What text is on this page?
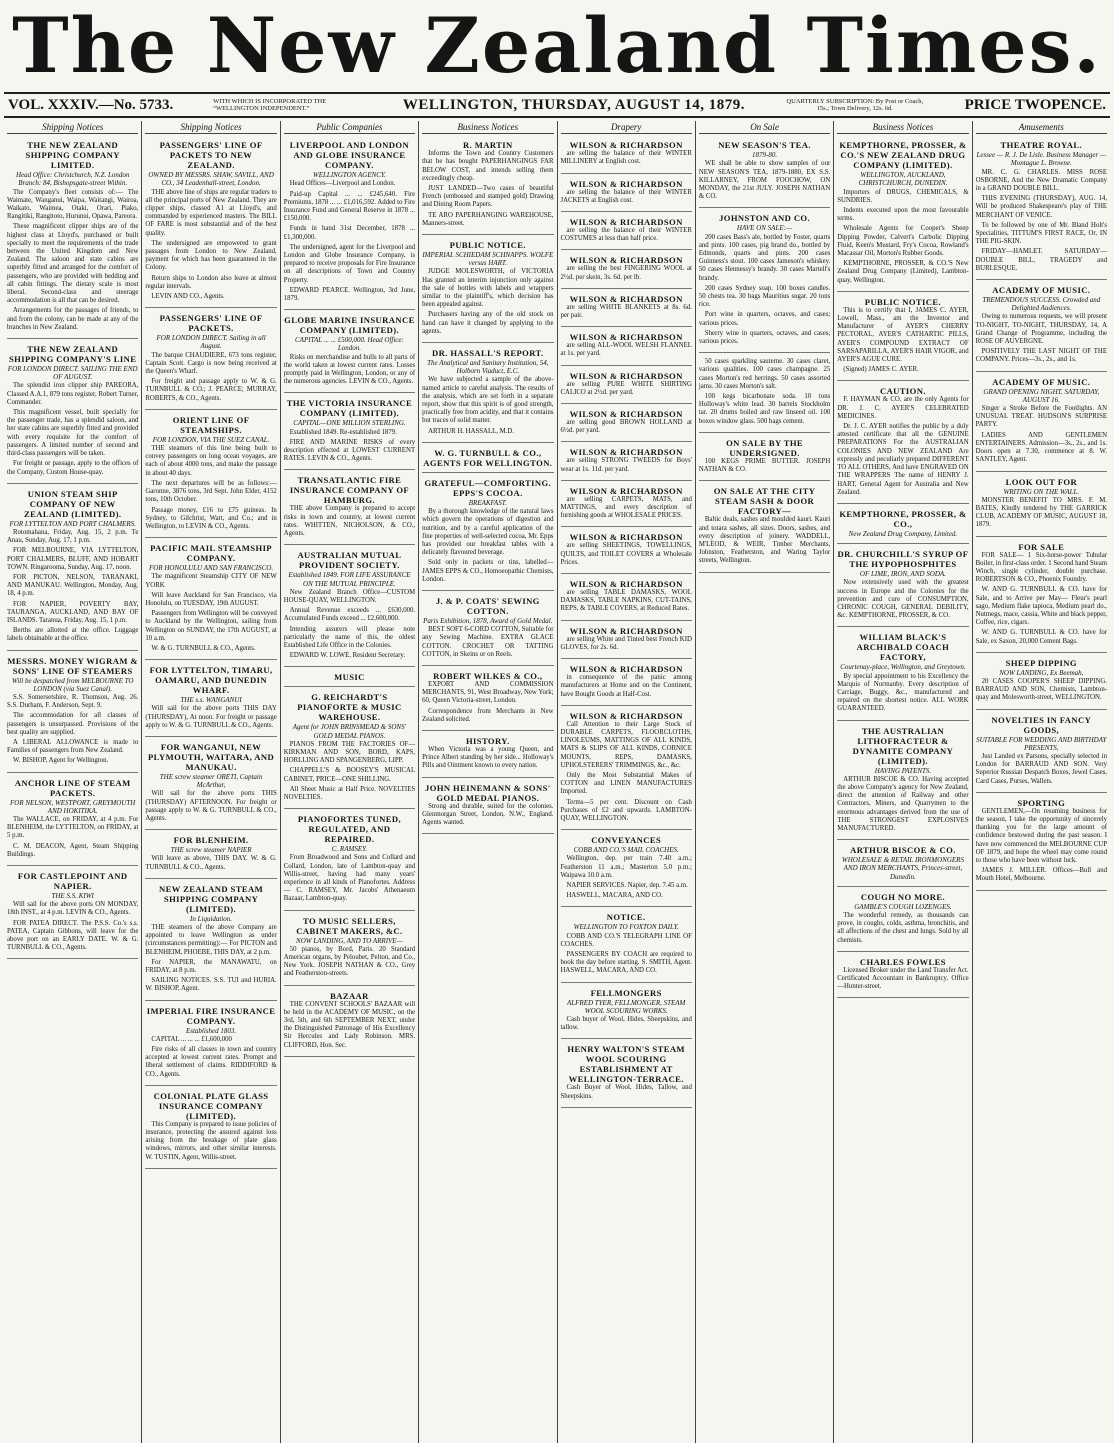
The New Zealand Times.
VOL. XXXIV.—No. 5733.	WITH WHICH IS INCORPORATED THE “WELLINGTON INDEPENDENT.”	WELLINGTON, THURSDAY, AUGUST 14, 1879.	QUARTERLY SUBSCRIPTION: By Post or Coach, 15s.; Town Delivery, 12s. 6d.	PRICE TWOPENCE.
Shipping Notices
THE NEW ZEALAND SHIPPING COMPANY LIMITED.
Head Office: Christchurch, N.Z. London Branch: 84, Bishopsgate-street Within.

The Company's fleet consists of:— The Waimate, Wanganui, Waipa, Waitangi, Wairoa, Waikato, Waimea, Otaki, Orari, Piako, Rangitiki, Rangitoto, Hurunui, Opawa, Pareora.

These magnificent clipper ships are of the highest class at Lloyd's, purchased or built specially to meet the requirements of the trade between the United Kingdom and New Zealand. The saloon and state cabins are superbly fitted and arranged for the comfort of passengers, who are provided with bedding and all cabin fittings. The dietary scale is most liberal. Second-class and steerage accommodation is all that can be desired.

Arrangements for the passages of friends, to and from the colony, can be made at any of the branches in New Zealand.

THE NEW ZEALAND SHIPPING COMPANY'S LINE
FOR LONDON DIRECT. SAILING THE END OF AUGUST.

The splendid iron clipper ship PAREORA, Classed A.A.1, 879 tons register, Robert Turner, Commander.

This magnificent vessel, built specially for the passenger trade, has a splendid saloon, and her state cabins are superbly fitted and provided with every requisite for the comfort of passengers. A limited number of second and third-class passengers will be taken.

For freight or passage, apply to the offices of the Company, Custom House-quay.

UNION STEAM SHIP COMPANY OF NEW ZEALAND (LIMITED).
FOR LYTTELTON AND PORT CHALMERS.

Rotomahana, Friday, Aug. 15, 2 p.m. Te Anau, Sunday, Aug. 17, 1 p.m.

FOR MELBOURNE, VIA LYTTELTON, PORT CHALMERS, BLUFF, AND HOBART TOWN. Ringarooma, Sunday, Aug. 17, noon.

FOR PICTON, NELSON, TARANAKI, AND MANUKAU. Wellington, Monday, Aug. 18, 4 p.m.

FOR NAPIER, POVERTY BAY, TAURANGA, AUCKLAND, AND BAY OF ISLANDS. Taranua, Friday, Aug. 15, 1 p.m.

Berths are allotted at the office. Luggage labels obtainable at the office.

MESSRS. MONEY WIGRAM & SONS' LINE OF STEAMERS
Will be despatched from MELBOURNE TO LONDON (via Suez Canal).

S.S. Somersetshire, R. Thomson, Aug. 26. S.S. Durham, F. Anderson, Sept. 9.

The accommodation for all classes of passengers is unsurpassed. Provisions of the best quality are supplied.

A LIBERAL ALLOWANCE is made to Families of passengers from New Zealand.

W. BISHOP, Agent for Wellington.

ANCHOR LINE OF STEAM PACKETS.
FOR NELSON, WESTPORT, GREYMOUTH AND HOKITIKA.

The WALLACE, on FRIDAY, at 4 p.m. For BLENHEIM, the LYTTELTON, on FRIDAY, at 5 p.m.

C. M. DEACON, Agent, Steam Shipping Buildings.

FOR CASTLEPOINT AND NAPIER.
THE S.S. KIWI

Will sail for the above ports ON MONDAY, 18th INST., at 4 p.m. LEVIN & CO., Agents.

FOR PATEA DIRECT. The P.S.S. Co.'s s.s. PATEA, Captain Gibbons, will leave for the above port on an EARLY DATE. W. & G. TURNBULL & CO., Agents.

Shipping Notices
PASSENGERS' LINE OF PACKETS TO NEW ZEALAND.
OWNED BY MESSRS. SHAW, SAVILL, AND CO., 34 Leadenhall-street, London.

THE above line of ships are regular traders to all the principal ports of New Zealand. They are clipper ships, classed A1 at Lloyd's, and commanded by experienced masters. The BILL OF FARE is most substantial and of the best quality.

The undersigned are empowered to grant passages from London to New Zealand, payment for which has been guaranteed in the Colony.

Return ships to London also leave at almost regular intervals.

LEVIN AND CO., Agents.

PASSENGERS' LINE OF PACKETS.
FOR LONDON DIRECT. Sailing in all August.

The barque CHAUDIERE, 673 tons register, Captain Scott. Cargo is now being received at the Queen's Wharf.

For freight and passage apply to W. & G. TURNBULL & CO.; J. PEARCE; MURRAY, ROBERTS, & CO., Agents.

ORIENT LINE OF STEAMSHIPS.
FOR LONDON, VIA THE SUEZ CANAL.

THE steamers of this line being built to convey passengers on long ocean voyages, are each of about 4000 tons, and make the passage in about 40 days.

The next departures will be as follows:— Garonne, 3876 tons, 3rd Sept. John Elder, 4152 tons, 10th October.

Passage money, £16 to £75 guineas. In Sydney, to Gilchrist, Watt, and Co.; and in Wellington, to LEVIN & CO., Agents.

PACIFIC MAIL STEAMSHIP COMPANY.
FOR HONOLULU AND SAN FRANCISCO.

The magnificent Steamship CITY OF NEW YORK

Will leave Auckland for San Francisco, via Honolulu, on TUESDAY, 19th AUGUST.

Passengers from Wellington will be conveyed to Auckland by the Wellington, sailing from Wellington on SUNDAY, the 17th AUGUST, at 10 a.m.

W. & G. TURNBULL & CO., Agents.

FOR LYTTELTON, TIMARU, OAMARU, AND DUNEDIN WHARF.
THE s.s. WANGANUI

Will sail for the above ports THIS DAY (THURSDAY), At noon. For freight or passage apply to W. & G. TURNBULL & CO., Agents.

FOR WANGANUI, NEW PLYMOUTH, WAITARA, AND MANUKAU.
THE screw steamer ORETI, Captain McArthur,

Will sail for the above ports THIS (THURSDAY) AFTERNOON. For freight or passage apply to W. & G. TURNBULL & CO., Agents.

FOR BLENHEIM.
THE screw steamer NAPIER

Will leave as above, THIS DAY. W. & G. TURNBULL & CO., Agents.

NEW ZEALAND STEAM SHIPPING COMPANY (LIMITED).
In Liquidation.

THE steamers of the above Company are appointed to leave Wellington as under (circumstances permitting):— For PICTON and BLENHEIM, PHOEBE, THIS DAY, at 2 p.m.

For NAPIER, the MANAWATU, on FRIDAY, at 8 p.m.

SAILING NOTICES. S.S. TUI and HURIA. W. BISHOP, Agent.

IMPERIAL FIRE INSURANCE COMPANY.
Established 1803.

CAPITAL ... ... ... £1,600,000

Fire risks of all classes in town and country accepted at lowest current rates. Prompt and liberal settlement of claims. RIDDIFORD & CO., Agents.

COLONIAL PLATE GLASS INSURANCE COMPANY (LIMITED).

This Company is prepared to issue policies of insurance, protecting the assured against loss arising from the breakage of plate glass windows, mirrors, and other similar interests. W. TUSTIN, Agent, Willis-street.

Public Companies
LIVERPOOL AND LONDON AND GLOBE INSURANCE COMPANY.
WELLINGTON AGENCY.

Head Offices—Liverpool and London.

Paid-up Capital ... ... £245,640. Fire Premiums, 1878 ... ... £1,016,592. Added to Fire Insurance Fund and General Reserve in 1878 ... £150,000.

Funds in hand 31st December, 1878 ... £1,300,000.

The undersigned, agent for the Liverpool and London and Globe Insurance Company, is prepared to receive proposals for Fire Insurance on all descriptions of Town and Country Property.

EDWARD PEARCE. Wellington, 3rd June, 1879.

GLOBE MARINE INSURANCE COMPANY (LIMITED).
CAPITAL ... ... £500,000. Head Office: London.

Risks on merchandise and hulls to all parts of the world taken at lowest current rates. Losses promptly paid in Wellington, London, or any of the numerous agencies. LEVIN & CO., Agents.

THE VICTORIA INSURANCE COMPANY (LIMITED).
CAPITAL—ONE MILLION STERLING.

Established 1849. Re-established 1879.

FIRE AND MARINE RISKS of every description effected at LOWEST CURRENT RATES. LEVIN & CO., Agents.

TRANSATLANTIC FIRE INSURANCE COMPANY OF HAMBURG.

THE above Company is prepared to accept risks in town and country, at lowest current rates. WHITTEN, NICHOLSON, & CO., Agents.

AUSTRALIAN MUTUAL PROVIDENT SOCIETY.
Established 1849. FOR LIFE ASSURANCE ON THE MUTUAL PRINCIPLE.

New Zealand Branch Office—CUSTOM HOUSE-QUAY, WELLINGTON.

Annual Revenue exceeds ... £630,000. Accumulated Funds exceed ... £2,600,000.

Intending assurers will please note particularly the name of this, the oldest Established Life Office in the Colonies.

EDWARD W. LOWE, Resident Secretary.

MUSIC
G. REICHARDT'S PIANOFORTE & MUSIC WAREHOUSE.
Agent for JOHN BRINSMEAD & SONS' GOLD MEDAL PIANOS.

PIANOS FROM THE FACTORIES OF— KIRKMAN AND SON, BORD, KAPS, HORLLING AND SPANGENBERG, LIPP.

CHAPPELL'S & BOOSEY'S MUSICAL CABINET, PRICE—ONE SHILLING.

All Sheet Music at Half Price. NOVELTIES NOVELTIES.

PIANOFORTES TUNED, REGULATED, AND REPAIRED.
C. RAMSEY.

From Broadwood and Sons and Collard and Collard, London, late of Lambton-quay and Willis-street, having had many years' experience in all kinds of Pianofortes. Address— C. RAMSEY, Mr. Jacobs' Athenaeum Bazaar, Lambton-quay.

TO MUSIC SELLERS, CABINET MAKERS, &C.
NOW LANDING, AND TO ARRIVE—

50 pianos, by Bord, Paris. 20 Standard American organs, by Peloubet, Pelton, and Co., New York. JOSEPH NATHAN & CO., Grey and Featherston-streets.

BAZAAR

THE CONVENT SCHOOLS' BAZAAR will be held in the ACADEMY OF MUSIC, on the 3rd, 5th, and 6th SEPTEMBER NEXT, under the Distinguished Patronage of His Excellency Sir Hercules and Lady Robinson. MRS. CLIFFORD, Hon. Sec.

Business Notices
R. MARTIN

Informs the Town and Country Customers that he has bought PAPERHANGINGS FAR BELOW COST, and intends selling them exceedingly cheap.

JUST LANDED—Two cases of beautiful French (embossed and stamped gold) Drawing and Dining Room Papers.

TE ARO PAPERHANGING WAREHOUSE, Manners-street.

PUBLIC NOTICE.
IMPERIAL SCHIEDAM SCHNAPPS. WOLFE versus HART.

JUDGE MOLESWORTH, of VICTORIA Has granted an interim injunction only against the sale of bottles with labels and wrappers similar to the plaintiff's, which decision has been appealed against.

Purchasers having any of the old stock on hand can have it changed by applying to the agents.

DR. HASSALL'S REPORT.
The Analytical and Sanitary Institution, 54, Holborn Viaduct, E.C.

We have subjected a sample of the above-named article to careful analysis. The results of the analysis, which are set forth in a separate report, show that this spirit is of good strength, practically free from acidity, and that it contains but traces of solid matter.

ARTHUR H. HASSALL, M.D.

W. G. TURNBULL & CO., AGENTS FOR WELLINGTON.
GRATEFUL—COMFORTING. EPPS'S COCOA.
BREAKFAST.

By a thorough knowledge of the natural laws which govern the operations of digestion and nutrition, and by a careful application of the fine properties of well-selected cocoa, Mr. Epps has provided our breakfast tables with a delicately flavoured beverage.

Sold only in packets or tins, labelled— JAMES EPPS & CO., Homoeopathic Chemists, London.

J. & P. COATS' SEWING COTTON.
Paris Exhibition, 1878, Award of Gold Medal.

BEST SOFT 6-CORD COTTON, Suitable for any Sewing Machine. EXTRA GLACE COTTON. CROCHET OR TATTING COTTON, in Skeins or on Reels.

ROBERT WILKES & CO.,

EXPORT AND COMMISSION MERCHANTS, 91, West Broadway, New York; 60, Queen Victoria-street, London.

Correspondence from Merchants in New Zealand solicited.

HISTORY.

When Victoria was a young Queen, and Prince Albert standing by her side... Holloway's Pills and Ointment known to every nation.

JOHN HEINEMANN & SONS' GOLD MEDAL PIANOS.

Strong and durable, suited for the colonies. Glenmorgan Street, London, N.W., England. Agents wanted.

Drapery
WILSON & RICHARDSON

are selling the balance of their WINTER MILLINERY at English cost.

WILSON & RICHARDSON

are selling the balance of their WINTER JACKETS at English cost.

WILSON & RICHARDSON

are selling the balance of their WINTER COSTUMES at less than half price.

WILSON & RICHARDSON

are selling the best FINGERING WOOL at 2½d. per skein, 3s. 6d. per lb.

WILSON & RICHARDSON

are selling WHITE BLANKETS at 8s. 6d. per pair.

WILSON & RICHARDSON

are selling ALL-WOOL WELSH FLANNEL at 1s. per yard.

WILSON & RICHARDSON

are selling PURE WHITE SHIRTING CALICO at 2½d. per yard.

WILSON & RICHARDSON

are selling good BROWN HOLLAND at 6½d. per yard.

WILSON & RICHARDSON

are selling STRONG TWEEDS for Boys' wear at 1s. 11d. per yard.

WILSON & RICHARDSON

are selling CARPETS, MATS, and MATTINGS, and every description of furnishing goods at WHOLESALE PRICES.

WILSON & RICHARDSON

are selling SHEETINGS, TOWELLINGS, QUILTS, and TOILET COVERS at Wholesale Prices.

WILSON & RICHARDSON

are selling TABLE DAMASKS, WOOL DAMASKS, TABLE NAPKINS, CUT-TAINS, REPS, & TABLE COVERS, at Reduced Rates.

WILSON & RICHARDSON

are selling White and Tinted best French KID GLOVES, for 2s. 6d.

WILSON & RICHARDSON

in consequence of the panic among manufacturers at Home and on the Continent, have Bought Goods at Half-Cost.

WILSON & RICHARDSON

Call Attention to their Large Stock of DURABLE CARPETS, FLOORCLOTHS, LINOLEUMS, MATTINGS OF ALL KINDS, MATS & SLIPS OF ALL KINDS, CORNICE MOUNTS, REPS, DAMASKS, UPHOLSTERERS' TRIMMINGS, &c., &c.

Only the Most Substantial Makes of COTTON and LINEN MANUFACTURES Imported.

Terms—5 per cent. Discount on Cash Purchases of £2 and upwards. LAMBTON-QUAY, WELLINGTON.

CONVEYANCES
COBB AND CO.'S MAIL COACHES.

Wellington, dep. per train 7.40 a.m.; Featherston 11 a.m.; Masterton 5.0 p.m.; Waipawa 10.0 a.m.

NAPIER SERVICES. Napier, dep. 7.45 a.m.

HASWELL, MACARA, AND CO.

NOTICE.
WELLINGTON TO FOXTON DAILY.

COBB AND CO.'S TELEGRAPH LINE OF COACHES.

PASSENGERS BY COACH are required to book the day before starting. S. SMITH, Agent. HASWELL, MACARA, AND CO.

FELLMONGERS
ALFRED TYER, FELLMONGER, STEAM WOOL SCOURING WORKS.

Cash buyer of Wool, Hides, Sheepskins, and tallow.

HENRY WALTON'S STEAM WOOL SCOURING ESTABLISHMENT AT WELLINGTON-TERRACE.

Cash Buyer of Wool, Hides, Tallow, and Sheepskins.

On Sale
NEW SEASON'S TEA.
1879-80.

WE shall be able to show samples of our NEW SEASON'S TEA, 1879-1880, EX S.S. KILLARNEY, FROM FOOCHOW, ON MONDAY, the 21st JULY. JOSEPH NATHAN & CO.

JOHNSTON AND CO.
HAVE ON SALE:—

200 cases Bass's ale, bottled by Foster, quarts and pints. 100 cases, pig brand do., bottled by Edmonds, quarts and pints. 200 cases Guinness's stout. 100 cases Jameson's whiskey. 50 cases Hennessy's brandy. 30 cases Martell's brandy.

200 cases Sydney soap. 100 boxes candles. 50 chests tea. 30 bags Mauritius sugar. 20 tons rice.

Port wine in quarters, octaves, and cases; various prices.

Sherry wine in quarters, octaves, and cases; various prices.

50 cases sparkling sauterne. 30 cases claret, various qualities. 100 cases champagne. 25 cases Morton's red herrings. 50 cases assorted jams. 30 cases Morton's salt.

100 kegs bicarbonate soda. 10 tons Holloway's white lead. 30 barrels Stockholm tar. 20 drums boiled and raw linseed oil. 100 boxes window glass. 500 bags cement.

ON SALE BY THE UNDERSIGNED.

100 KEGS PRIME BUTTER. JOSEPH NATHAN & CO.

ON SALE AT THE CITY STEAM SASH & DOOR FACTORY—

Baltic deals, sashes and moulded kauri. Kauri and totara sashes, all sizes. Doors, sashes, and every description of joinery. WADDELL, M'LEOD, & WEIR, Timber Merchants, Johnston, Featherston, and Waring Taylor streets, Wellington.

Business Notices
KEMPTHORNE, PROSSER, & CO.'S NEW ZEALAND DRUG COMPANY (LIMITED).
WELLINGTON, AUCKLAND, CHRISTCHURCH, DUNEDIN.

Importers of DRUGS, CHEMICALS, & SUNDRIES.

Indents executed upon the most favourable terms.

Wholesale Agents for Cooper's Sheep Dipping Powder, Calvert's Carbolic Dipping Fluid, Keen's Mustard, Fry's Cocoa, Rowland's Macassar Oil, Morton's Rubber Goods.

KEMPTHORNE, PROSSER, & CO.'S New Zealand Drug Company (Limited), Lambton-quay, Wellington.

PUBLIC NOTICE.

This is to certify that I, JAMES C. AYER, Lowell, Mass., am the Inventor and Manufacturer of AYER'S CHERRY PECTORAL, AYER'S CATHARTIC PILLS, AYER'S COMPOUND EXTRACT OF SARSAPARILLA, AYER'S HAIR VIGOR, and AYER'S AGUE CURE.

(Signed) JAMES C. AYER.

CAUTION.

F. HAYMAN & CO. are the only Agents for DR. J. C. AYER'S CELEBRATED MEDICINES.

Dr. J. C. AYER notifies the public by a duly attested certificate that all the GENUINE PREPARATIONS For the AUSTRALIAN COLONIES AND NEW ZEALAND Are expressly and peculiarly prepared DIFFERENT TO ALL OTHERS, And have ENGRAVED ON THE WRAPPERS The name of HENRY J. HART, General Agent for Australia and New Zealand.

KEMPTHORNE, PROSSER, & CO.,
New Zealand Drug Company, Limited.
DR. CHURCHILL'S SYRUP OF THE HYPOPHOSPHITES
OF LIME, IRON, AND SODA.

Now extensively used with the greatest success in Europe and the Colonies for the prevention and cure of CONSUMPTION, CHRONIC COUGH, GENERAL DEBILITY, &c. KEMPTHORNE, PROSSER, & CO.

WILLIAM BLACK'S ARCHIBALD COACH FACTORY,
Courtenay-place, Wellington, and Greytown.

By special appointment to his Excellency the Marquis of Normanby. Every description of Carriage, Buggy, &c., manufactured and repaired on the shortest notice. ALL WORK GUARANTEED.

THE AUSTRALIAN LITHOFRACTEUR & DYNAMITE COMPANY (LIMITED).
HAVING PATENTS.

ARTHUR BISCOE & CO. Having accepted the above Company's agency for New Zealand, direct the attention of Railway and other Contractors, Miners, and Quarrymen to the enormous advantages derived from the use of THE STRONGEST EXPLOSIVES MANUFACTURED.

ARTHUR BISCOE & CO.
WHOLESALE & RETAIL IRONMONGERS AND IRON MERCHANTS, Princes-street, Dunedin.
COUGH NO MORE.
GAMBLE'S COUGH LOZENGES.

The wonderful remedy, as thousands can prove, in coughs, colds, asthma, bronchitis, and all affections of the chest and lungs. Sold by all chemists.

CHARLES FOWLES

Licensed Broker under the Land Transfer Act. Certificated Accountant in Bankruptcy. Office—Hunter-street.

Amusements
THEATRE ROYAL.
Lessee — R. J. De Lisle. Business Manager — Montague L. Browne.

MR. C. G. CHARLES. MISS ROSE OSBORNE, And the New Dramatic Company in a GRAND DOUBLE BILL.

THIS EVENING (THURSDAY), AUG. 14, Will be produced Shakespeare's play of THE MERCHANT OF VENICE.

To be followed by one of Mr. Bland Holt's Specialities, TITTUM'S FIRST RACE, Or, IN THE PIG-SKIN.

FRIDAY—HAMLET. SATURDAY—DOUBLE BILL, TRAGEDY and BURLESQUE.

ACADEMY OF MUSIC.
TREMENDOUS SUCCESS. Crowded and Delighted Audiences.

Owing to numerous requests, we will present TO-NIGHT, TO-NIGHT, THURSDAY, 14, A Grand Change of Programme, including the ROSE OF AUVERGNE.

POSITIVELY THE LAST NIGHT OF THE COMPANY. Prices—3s., 2s., and 1s.

ACADEMY OF MUSIC.
GRAND OPENING NIGHT. SATURDAY, AUGUST 16.

Singer a Stroke Before the Footlights. AN UNUSUAL TREAT. HUDSON'S SURPRISE PARTY.

LADIES AND GENTLEMEN ENTERTAINERS. Admission—3s., 2s., and 1s. Doors open at 7.30, commence at 8. W. SANTLEY, Agent.

LOOK OUT FOR
WRITING ON THE WALL.

MONSTER BENEFIT TO MRS. F. M. BATES, Kindly tendered by THE GARRICK CLUB, ACADEMY OF MUSIC, AUGUST 18, 1879.

FOR SALE

FOR SALE— 1 Six-horse-power Tubular Boiler, in first-class order. 1 Second hand Steam Winch, single cylinder, double purchase. ROBERTSON & CO., Phoenix Foundry.

W. AND G. TURNBULL & CO. have for Sale, and to Arrive per May— Fleur's pearl sago, Medium flake tapioca, Medium pearl do., Nutmegs, mace, cassia, White and black pepper, Coffee, rice, cigars.

W. AND G. TURNBULL & CO. have for Sale, ex Saxon, 20,000 Cement Bags.

SHEEP DIPPING
NOW LANDING, Ex Beemah,

20 CASES COOPER'S SHEEP DIPPING. BARRAUD AND SON, Chemists, Lambton-quay and Molesworth-street, WELLINGTON.

NOVELTIES IN FANCY GOODS,
SUITABLE FOR WEDDING AND BIRTHDAY PRESENTS,

Just Landed ex Parsons, specially selected in London for BARRAUD AND SON. Very Superior Russian Despatch Boxes, Jewel Cases, Card Cases, Purses, Wallets.

SPORTING

GENTLEMEN,—On resuming business for the season, I take the opportunity of sincerely thanking you for the large amount of confidence bestowed during the past season. I have now commenced the MELBOURNE CUP OF 1879, and hope the wheel may come round to those who have been without luck.

JAMES J. MILLER. Offices—Bull and Mouth Hotel, Melbourne.
